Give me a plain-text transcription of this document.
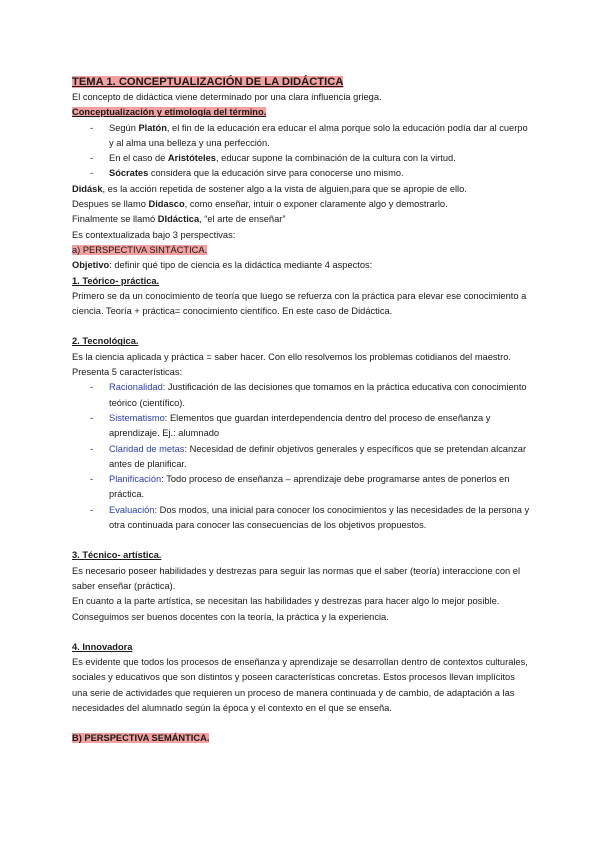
TEMA 1. CONCEPTUALIZACIÓN DE LA DIDÁCTICA

El concepto de didáctica viene determinado por una clara influencia griega.

Conceptualización y etimología del término.

- Según Platón, el fin de la educación era educar el alma porque solo la educación podía dar al cuerpo y al alma una belleza y una perfección.
- En el caso de Aristóteles, educar supone la combinación de la cultura con la virtud.
- Sócrates considera que la educación sirve para conocerse uno mismo.

Didásk, es la acción repetida de sostener algo a la vista de alguien,para que se apropie de ello.

Despues se llamo Didasco, como enseñar, intuir o exponer claramente algo y demostrarlo.

Finalmente se llamó DIdáctica, “el arte de enseñar”

Es contextualizada bajo 3 perspectivas:

a) PERSPECTIVA SINTÁCTICA.

Objetivo: definir qué tipo de ciencia es la didáctica mediante 4 aspectos:

1. Teórico- práctica.

Primero se da un conocimiento de teoría que luego se refuerza con la práctica para elevar ese conocimiento a ciencia. Teoría + práctica= conocimiento científico. En este caso de Didáctica.

2. Tecnológica.

Es la ciencia aplicada y práctica = saber hacer. Con ello resolvemos los problemas cotidianos del maestro. Presenta 5 características:

- Racionalidad: Justificación de las decisiones que tomamos en la práctica educativa con conocimiento teórico (científico).
- Sistematismo: Elementos que guardan interdependencia dentro del proceso de enseñanza y aprendizaje. Ej.: alumnado
- Claridad de metas: Necesidad de definir objetivos generales y específicos que se pretendan alcanzar antes de planificar.
- Planificación: Todo proceso de enseñanza – aprendizaje debe programarse antes de ponerlos en práctica.
- Evaluación: Dos modos, una inicial para conocer los conocimientos y las necesidades de la persona y otra continuada para conocer las consecuencias de los objetivos propuestos.

3. Técnico- artística.

Es necesario poseer habilidades y destrezas para seguir las normas que el saber (teoría) interaccione con el saber enseñar (práctica).

En cuanto a la parte artística, se necesitan las habilidades y destrezas para hacer algo lo mejor posible. Conseguimos ser buenos docentes con la teoría, la práctica y la experiencia.

4. Innovadora

Es evidente que todos los procesos de enseñanza y aprendizaje se desarrollan dentro de contextos culturales, sociales y educativos que son distintos y poseen características concretas. Estos procesos llevan implícitos una serie de actividades que requieren un proceso de manera continuada y de cambio, de adaptación a las necesidades del alumnado según la época y el contexto en el que se enseña.

B) PERSPECTIVA SEMÁNTICA.
